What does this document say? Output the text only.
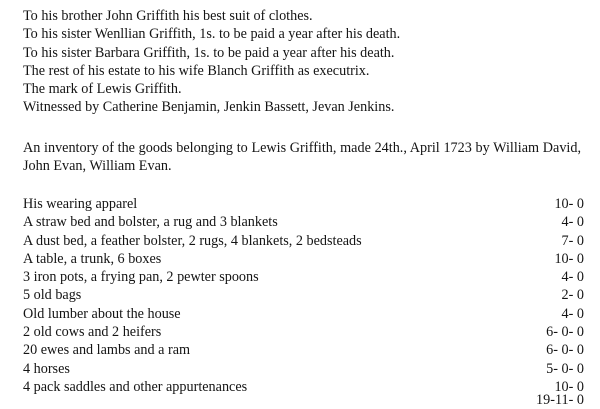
To his brother John Griffith his best suit of clothes.
To his sister Wenllian Griffith, 1s. to be paid a year after his death.
To his sister Barbara Griffith, 1s. to be paid a year after his death.
The rest of his estate to his wife Blanch Griffith as executrix.
The mark of Lewis Griffith.
Witnessed by Catherine Benjamin, Jenkin Bassett, Jevan Jenkins.
An inventory of the goods belonging to Lewis Griffith, made 24th., April 1723 by William David, John Evan, William Evan.
His wearing apparel	10- 0
A straw bed and bolster, a rug and 3 blankets	4- 0
A dust bed, a feather bolster, 2 rugs, 4 blankets, 2 bedsteads	7- 0
A table, a trunk, 6 boxes	10- 0
3 iron pots, a frying pan, 2 pewter spoons	4- 0
5 old bags	2- 0
Old lumber about the house	4- 0
2 old cows and 2 heifers	6- 0- 0
20 ewes and lambs and a ram	6- 0- 0
4 horses	5- 0- 0
4 pack saddles and other appurtenances	10- 0
19-11- 0
